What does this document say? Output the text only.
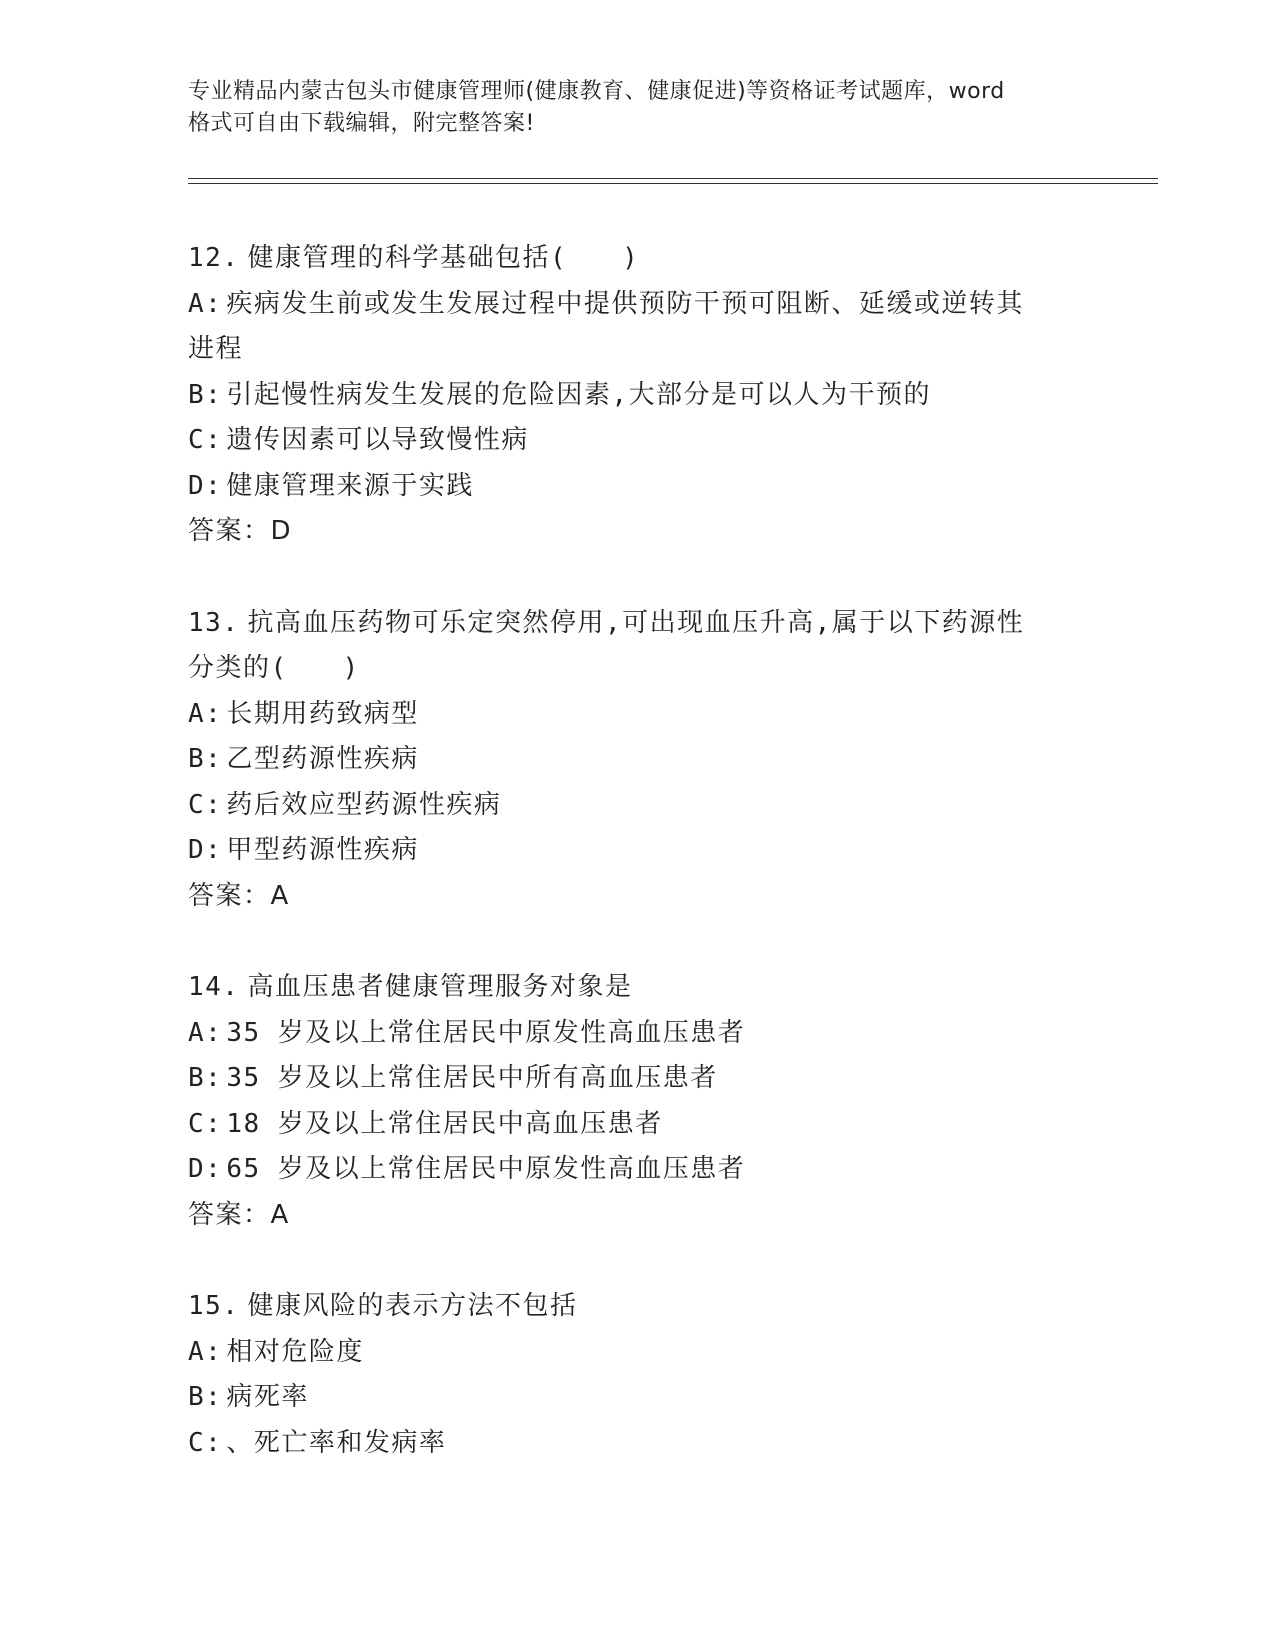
专业精品内蒙古包头市健康管理师(健康教育、健康促进)等资格证考试题库，word
格式可自由下载编辑，附完整答案!
12. 健康管理的科学基础包括(　　)
A: 疾病发生前或发生发展过程中提供预防干预可阻断、延缓或逆转其
进程
B: 引起慢性病发生发展的危险因素,大部分是可以人为干预的
C: 遗传因素可以导致慢性病
D: 健康管理来源于实践
答案：D
13. 抗高血压药物可乐定突然停用,可出现血压升高,属于以下药源性
分类的(　　)
A: 长期用药致病型
B: 乙型药源性疾病
C: 药后效应型药源性疾病
D: 甲型药源性疾病
答案：A
14. 高血压患者健康管理服务对象是
A: 35 岁及以上常住居民中原发性高血压患者
B: 35 岁及以上常住居民中所有高血压患者
C: 18 岁及以上常住居民中高血压患者
D: 65 岁及以上常住居民中原发性高血压患者
答案：A
15. 健康风险的表示方法不包括
A: 相对危险度
B: 病死率
C: 、死亡率和发病率
